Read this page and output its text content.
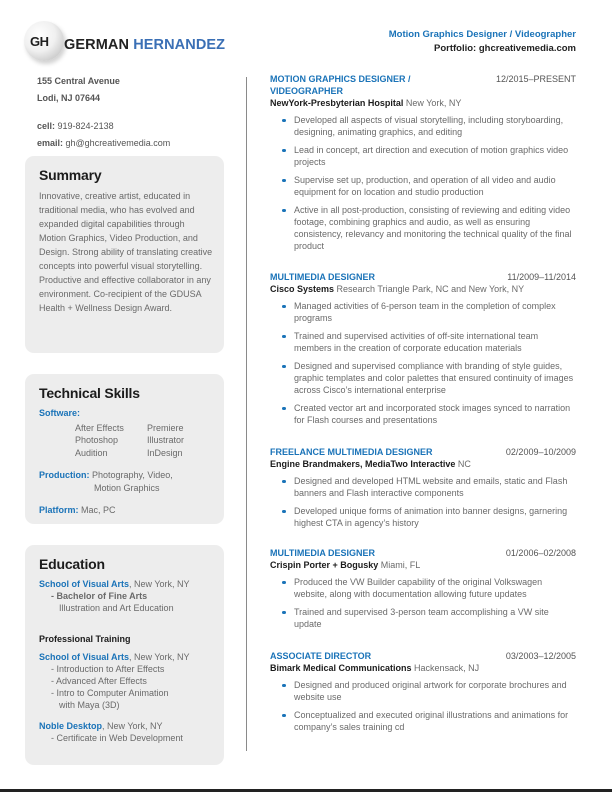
GH GERMAN HERNANDEZ
Motion Graphics Designer / Videographer
Portfolio: ghcreativemedia.com
155 Central Avenue
Lodi, NJ 07644
cell: 919-824-2138
email: gh@ghcreativemedia.com
Summary

Innovative, creative artist, educated in traditional media, who has evolved and expanded digital capabilities through Motion Graphics, Video Production, and Design. Strong ability of translating creative concepts into powerful visual storytelling. Productive and effective collaborator in any environment. Co-recipient of the GDUSA Health + Wellness Design Award.

Technical Skills
Software:
After Effects	Premiere
Photoshop	Illustrator
Audition	InDesign
Production: Photography, Video,
Motion Graphics
Platform: Mac, PC
Education
School of Visual Arts, New York, NY
- Bachelor of Fine Arts
Illustration and Art Education
Professional Training
School of Visual Arts, New York, NY
- Introduction to After Effects
- Advanced After Effects
- Intro to Computer Animation
with Maya (3D)
Noble Desktop, New York, NY
- Certificate in Web Development
MOTION GRAPHICS DESIGNER /
VIDEOGRAPHER
12/2015–PRESENT
NewYork-Presbyterian Hospital New York, NY
Developed all aspects of visual storytelling, including storyboarding, designing, animating graphics, and editing
Lead in concept, art direction and execution of motion graphics video projects
Supervise set up, production, and operation of all video and audio equipment for on location and studio production
Active in all post-production, consisting of reviewing and editing video footage, combining graphics and audio, as well as ensuring consistency, relevancy and monitoring the technical quality of the final product
MULTIMEDIA DESIGNER	11/2009–11/2014
Cisco Systems Research Triangle Park, NC and New York, NY
Managed activities of 6-person team in the completion of complex programs
Trained and supervised activities of off-site international team members in the creation of corporate education materials
Designed and supervised compliance with branding of style guides, graphic templates and color palettes that ensured continuity of images across Cisco’s international enterprise
Created vector art and incorporated stock images synced to narration for Flash courses and presentations
FREELANCE MULTIMEDIA DESIGNER	02/2009–10/2009
Engine Brandmakers, MediaTwo Interactive NC
Designed and developed HTML website and emails, static and Flash banners and Flash interactive components
Developed unique forms of animation into banner designs, garnering highest CTA in agency’s history
MULTIMEDIA DESIGNER	01/2006–02/2008
Crispin Porter + Bogusky Miami, FL
Produced the VW Builder capability of the original Volkswagen website, along with documentation allowing future updates
Trained and supervised 3-person team accomplishing a VW site update
ASSOCIATE DIRECTOR	03/2003–12/2005
Bimark Medical Communications Hackensack, NJ
Designed and produced original artwork for corporate brochures and website use
Conceptualized and executed original illustrations and animations for company’s sales training cd
